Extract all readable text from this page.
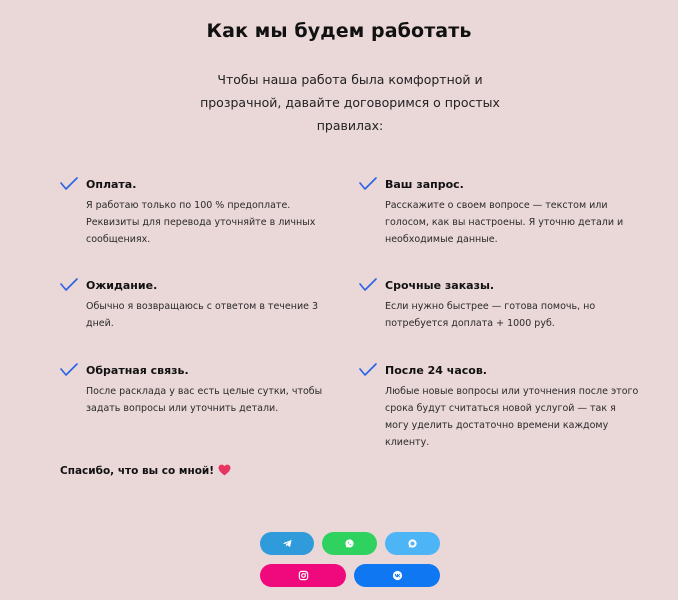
Как мы будем работать
Чтобы наша работа была комфортной и прозрачной, давайте договоримся о простых правилах:
Оплата.
Я работаю только по 100 % предоплате. Реквизиты для перевода уточняйте в личных сообщениях.
Ваш запрос.
Расскажите о своем вопросе — текстом или голосом, как вы настроены. Я уточню детали и необходимые данные.
Ожидание.
Обычно я возвращаюсь с ответом в течение 3 дней.
Срочные заказы.
Если нужно быстрее — готова помочь, но потребуется доплата + 1000 руб.
Обратная связь.
После расклада у вас есть целые сутки, чтобы задать вопросы или уточнить детали.
После 24 часов.
Любые новые вопросы или уточнения после этого срока будут считаться новой услугой — так я могу уделить достаточно времени каждому клиенту.
Спасибо, что вы со мной!
